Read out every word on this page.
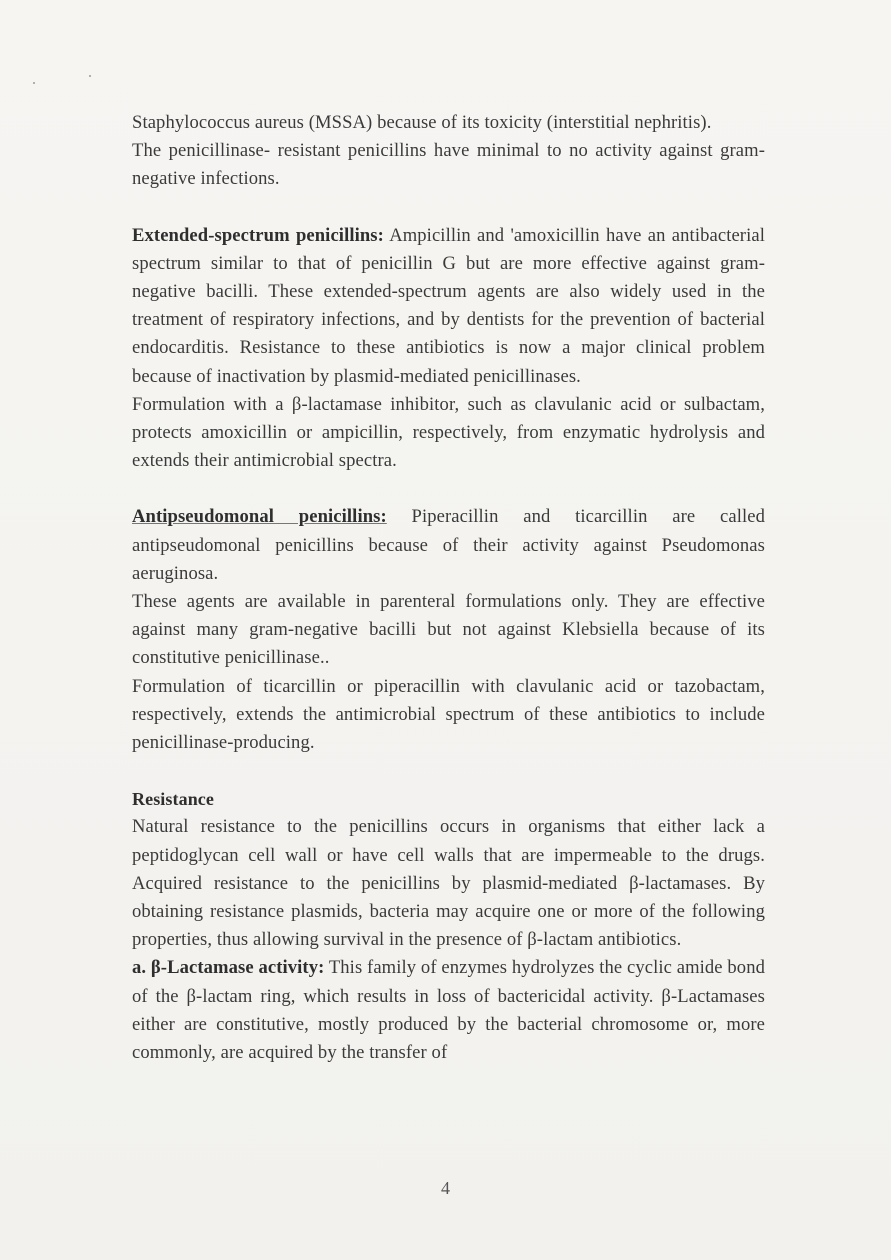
Staphylococcus aureus (MSSA) because of its toxicity (interstitial nephritis).

The penicillinase- resistant penicillins have minimal to no activity against gram-negative infections.

Extended-spectrum penicillins: Ampicillin and 'amoxicillin have an antibacterial spectrum similar to that of penicillin G but are more effective against gram-negative bacilli. These extended-spectrum agents are also widely used in the treatment of respiratory infections, and by dentists for the prevention of bacterial endocarditis. Resistance to these antibiotics is now a major clinical problem because of inactivation by plasmid-mediated penicillinases.

Formulation with a β-lactamase inhibitor, such as clavulanic acid or sulbactam, protects amoxicillin or ampicillin, respectively, from enzymatic hydrolysis and extends their antimicrobial spectra.

Antipseudomonal penicillins: Piperacillin and ticarcillin are called antipseudomonal penicillins because of their activity against Pseudomonas aeruginosa.

These agents are available in parenteral formulations only. They are effective against many gram-negative bacilli but not against Klebsiella because of its constitutive penicillinase..

Formulation of ticarcillin or piperacillin with clavulanic acid or tazobactam, respectively, extends the antimicrobial spectrum of these antibiotics to include penicillinase-producing.

Resistance

Natural resistance to the penicillins occurs in organisms that either lack a peptidoglycan cell wall or have cell walls that are impermeable to the drugs. Acquired resistance to the penicillins by plasmid-mediated β-lactamases. By obtaining resistance plasmids, bacteria may acquire one or more of the following properties, thus allowing survival in the presence of β-lactam antibiotics.

a. β-Lactamase activity: This family of enzymes hydrolyzes the cyclic amide bond of the β-lactam ring, which results in loss of bactericidal activity. β-Lactamases either are constitutive, mostly produced by the bacterial chromosome or, more commonly, are acquired by the transfer of

4
